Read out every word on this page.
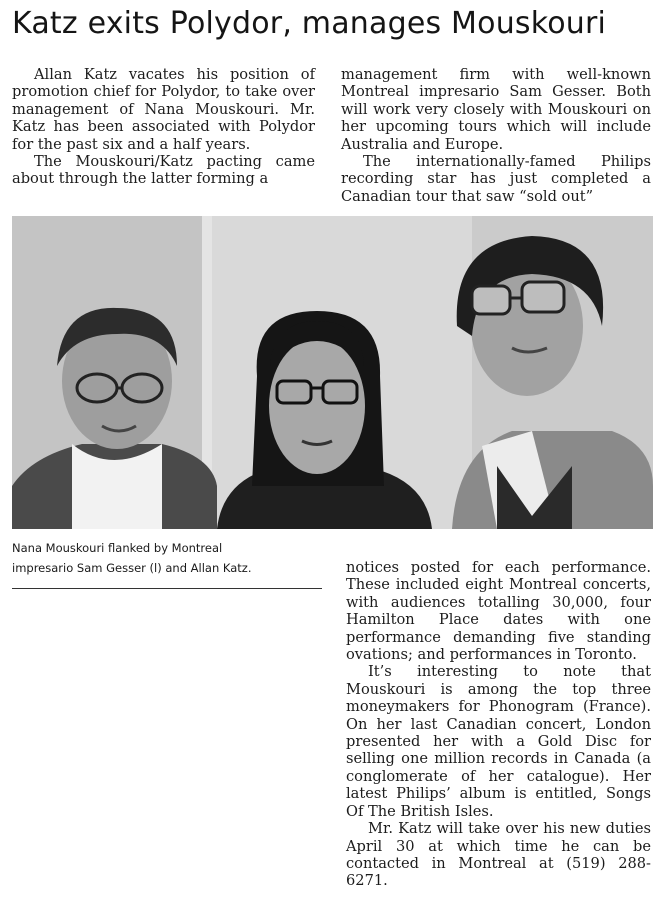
Katz exits Polydor, manages Mouskouri

Allan Katz vacates his position of promotion chief for Polydor, to take over management of Nana Mouskouri. Mr. Katz has been associated with Polydor for the past six and a half years.

The Mouskouri/Katz pacting came about through the latter forming a

management firm with well-known Montreal impresario Sam Gesser. Both will work very closely with Mouskouri on her upcoming tours which will include Australia and Europe.

The internationally-famed Philips recording star has just completed a Canadian tour that saw “sold out”

Nana Mouskouri flanked by Montreal
impresario Sam Gesser (l) and Allan Katz.	notices posted for each performance. These included eight Montreal concerts, with audiences totalling 30,000, four Hamilton Place dates with one performance demanding five standing ovations; and performances in Toronto.

It’s interesting to note that Mouskouri is among the top three moneymakers for Phonogram (France). On her last Canadian concert, London presented her with a Gold Disc for selling one million records in Canada (a conglomerate of her catalogue). Her latest Philips’ album is entitled, Songs Of The British Isles.

Mr. Katz will take over his new duties April 30 at which time he can be contacted in Montreal at (519) 288-6271.
